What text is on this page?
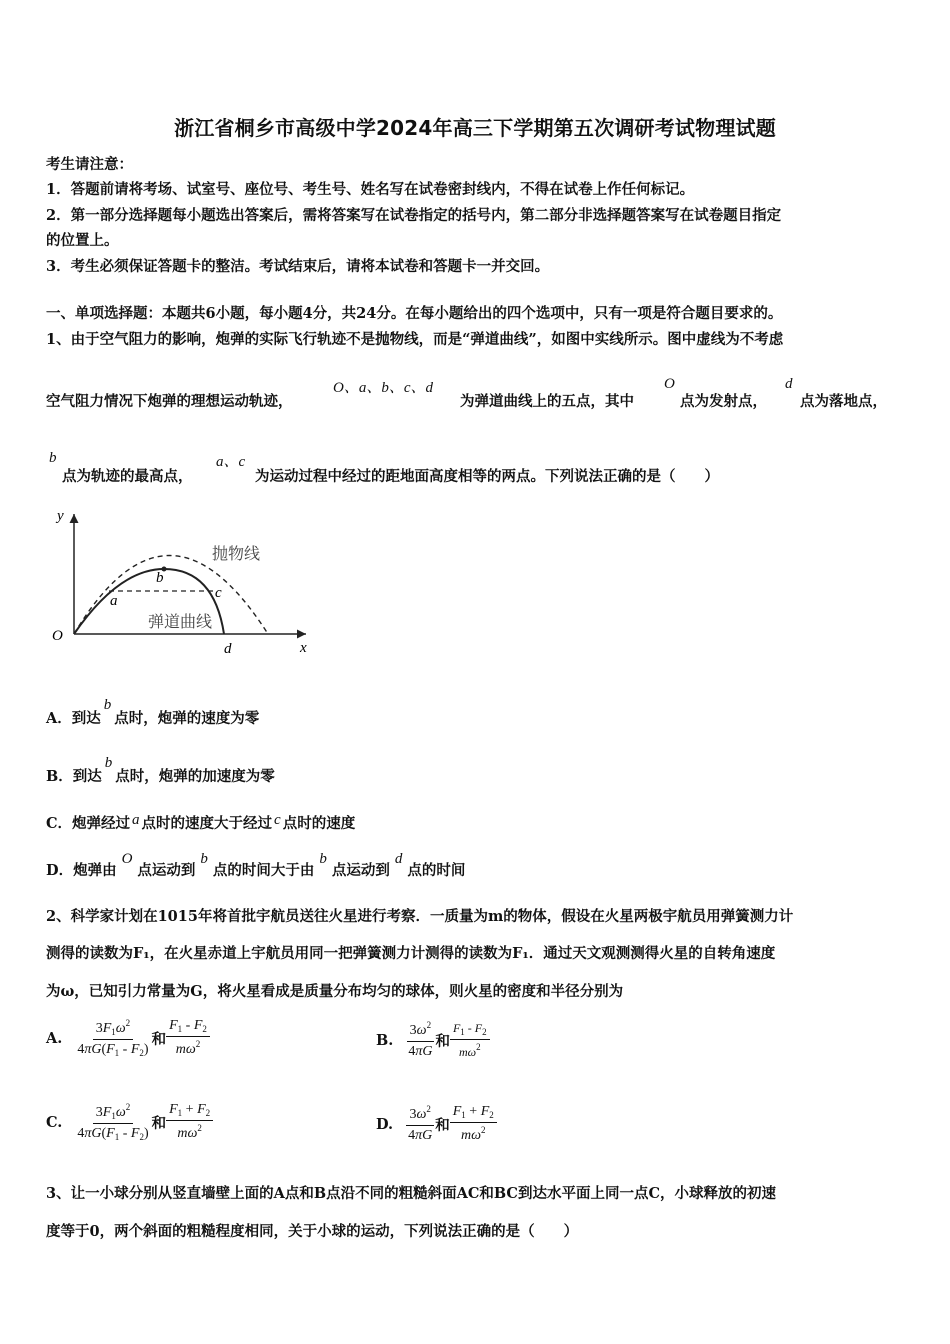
浙江省桐乡市高级中学2024年高三下学期第五次调研考试物理试题
考生请注意：
1．答题前请将考场、试室号、座位号、考生号、姓名写在试卷密封线内，不得在试卷上作任何标记。
2．第一部分选择题每小题选出答案后，需将答案写在试卷指定的括号内，第二部分非选择题答案写在试卷题目指定
的位置上。
3．考生必须保证答题卡的整洁。考试结束后，请将本试卷和答题卡一并交回。
一、单项选择题：本题共6小题，每小题4分，共24分。在每小题给出的四个选项中，只有一项是符合题目要求的。
1、由于空气阻力的影响，炮弹的实际飞行轨迹不是抛物线，而是“弹道曲线”，如图中实线所示。图中虚线为不考虑
空气阻力情况下炮弹的理想运动轨迹，
O、a、b、c、d
为弹道曲线上的五点，其中
O
点为发射点，
d
点为落地点，
b
点为轨迹的最高点，
a、c
为运动过程中经过的距地面高度相等的两点。下列说法正确的是（　　）
y
x
O
抛物线
弹道曲线
a
b
c
d
A．到达b点时，炮弹的速度为零
B．到达b点时，炮弹的加速度为零
C．炮弹经过 a 点时的速度大于经过 c 点时的速度
D．炮弹由O点运动到b点的时间大于由b点运动到d点的时间
2、科学家计划在1015年将首批宇航员送往火星进行考察．一质量为m的物体，假设在火星两极宇航员用弹簧测力计
测得的读数为F₁，在火星赤道上宇航员用同一把弹簧测力计测得的读数为F₁．通过天文观测测得火星的自转角速度
为ω，已知引力常量为G，将火星看成是质量分布均匀的球体，则火星的密度和半径分别为
A. $\frac{3F_1\omega^2}{4\pi G(F_1 - F_2)}$ 和 $\frac{F_1 - F_2}{m\omega^2}$	B. $\frac{3\omega^2}{4\pi G}$ 和 $\frac{F_1 - F_2}{m\omega^2}$
C. $\frac{3F_1\omega^2}{4\pi G(F_1 - F_2)}$ 和 $\frac{F_1 + F_2}{m\omega^2}$	D. $\frac{3\omega^2}{4\pi G}$ 和 $\frac{F_1 + F_2}{m\omega^2}$
3、让一小球分别从竖直墙壁上面的A点和B点沿不同的粗糙斜面AC和BC到达水平面上同一点C，小球释放的初速
度等于0，两个斜面的粗糙程度相同，关于小球的运动，下列说法正确的是（　　）
